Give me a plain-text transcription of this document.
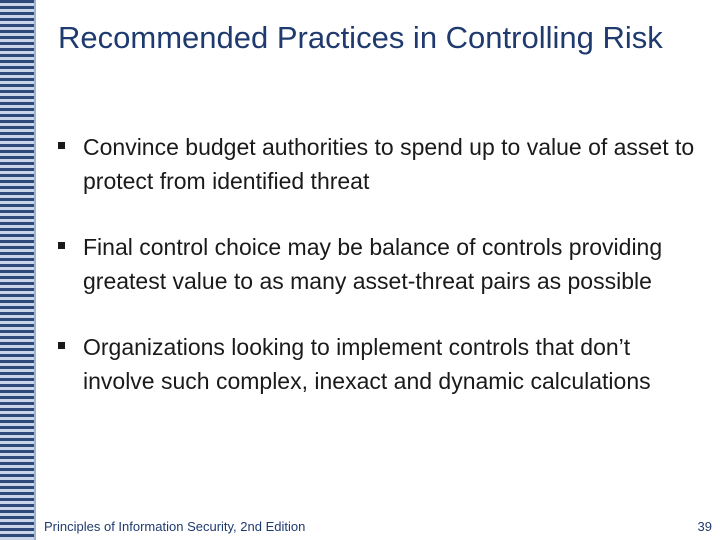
Recommended Practices in Controlling Risk
Convince budget authorities to spend up to value of asset to protect from identified threat
Final control choice may be balance of controls providing greatest value to as many asset-threat pairs as possible
Organizations looking to implement controls that don’t involve such complex, inexact and dynamic calculations
Principles of Information Security, 2nd Edition	39
